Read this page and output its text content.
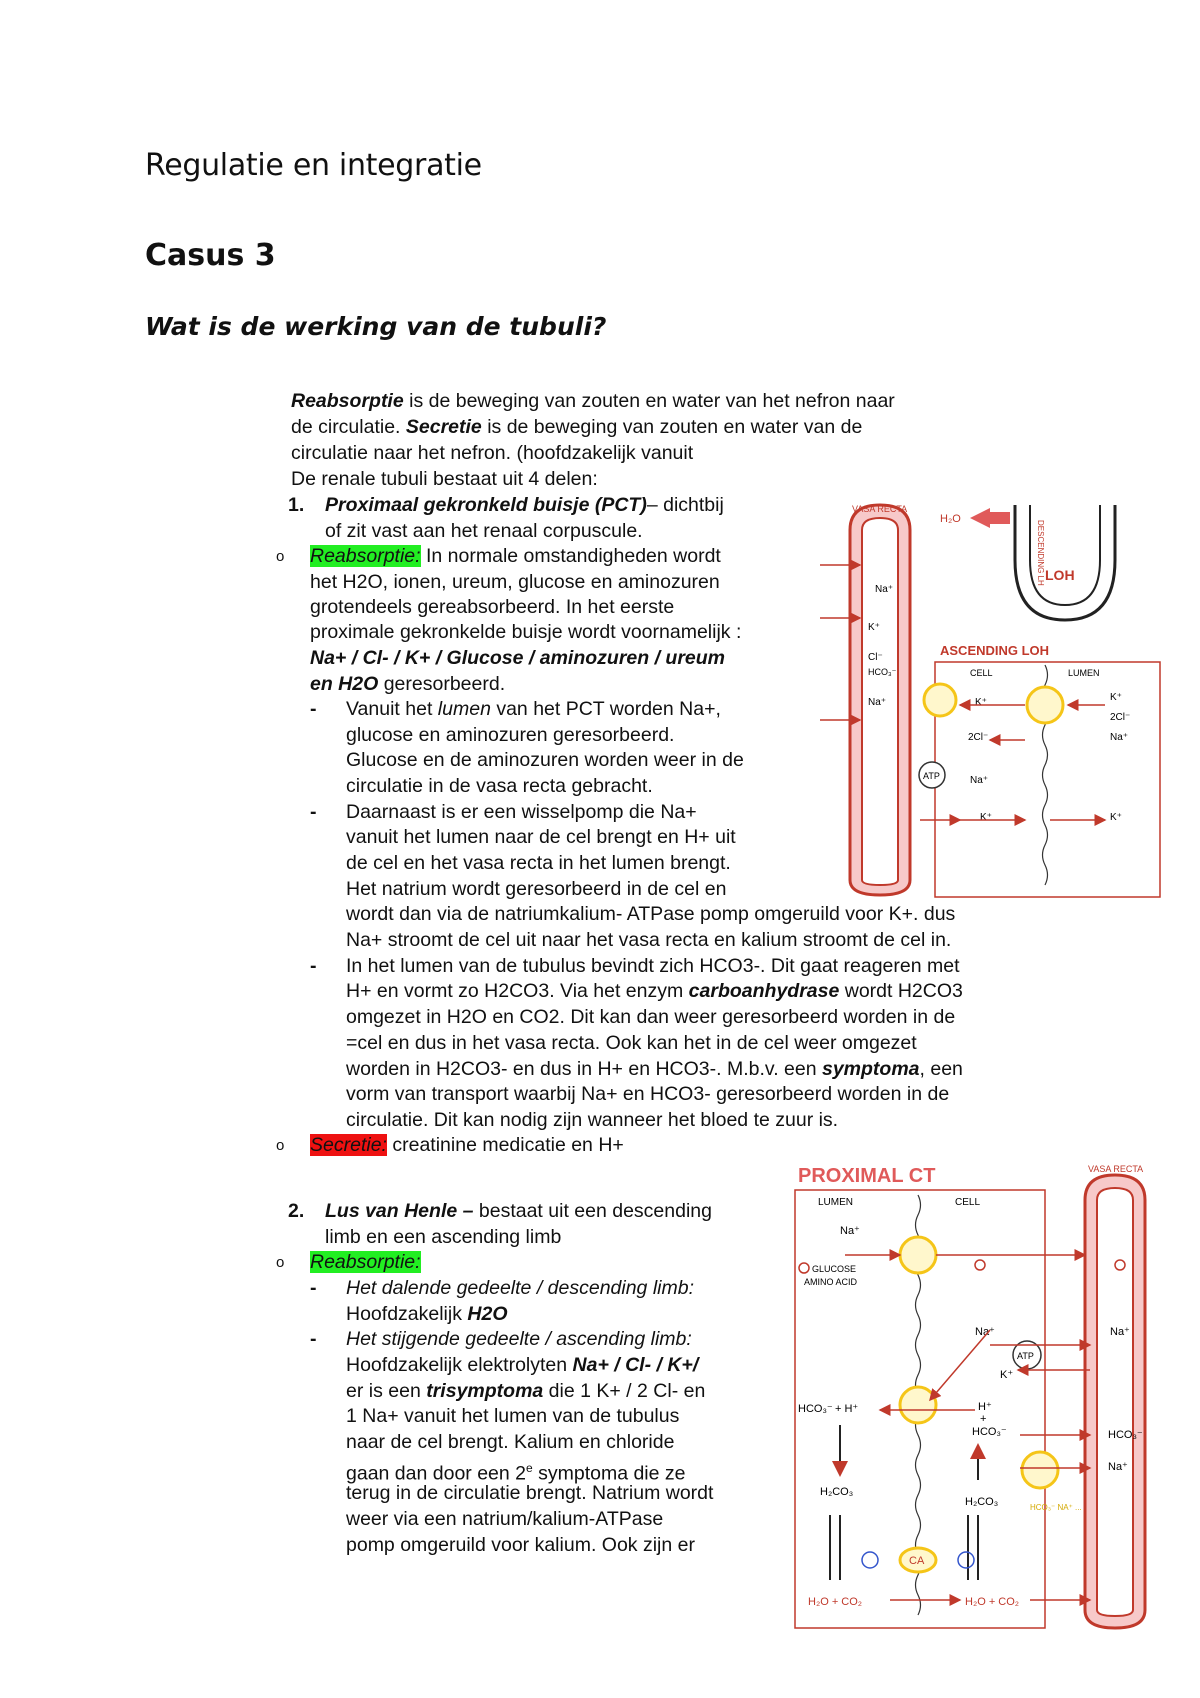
Regulatie en integratie
Casus 3
Wat is de werking van de tubuli?

Reabsorptie is de beweging van zouten en water van het nefron naar

de circulatie. Secretie is de beweging van zouten en water van de

circulatie naar het nefron. (hoofdzakelijk vanuit

De renale tubuli bestaat uit 4 delen:

1. Proximaal gekronkeld buisje (PCT)– dichtbij

of zit vast aan het renaal corpuscule.

o Reabsorptie: In normale omstandigheden wordt

het H2O, ionen, ureum, glucose en aminozuren

grotendeels gereabsorbeerd. In het eerste

proximale gekronkelde buisje wordt voornamelijk :

Na+ / Cl- / K+ / Glucose / aminozuren / ureum

en H2O geresorbeerd.

- Vanuit het lumen van het PCT worden Na+,

glucose en aminozuren geresorbeerd.

Glucose en de aminozuren worden weer in de

circulatie in de vasa recta gebracht.

- Daarnaast is er een wisselpomp die Na+

vanuit het lumen naar de cel brengt en H+ uit

de cel en het vasa recta in het lumen brengt.

Het natrium wordt geresorbeerd in de cel en

wordt dan via de natriumkalium- ATPase pomp omgeruild voor K+. dus

Na+ stroomt de cel uit naar het vasa recta en kalium stroomt de cel in.

- In het lumen van de tubulus bevindt zich HCO3-. Dit gaat reageren met

H+ en vormt zo H2CO3. Via het enzym carboanhydrase wordt H2CO3

omgezet in H2O en CO2. Dit kan dan weer geresorbeerd worden in de

=cel en dus in het vasa recta. Ook kan het in de cel weer omgezet

worden in H2CO3- en dus in H+ en HCO3-. M.b.v. een symptoma, een

vorm van transport waarbij Na+ en HCO3- geresorbeerd worden in de

circulatie. Dit kan nodig zijn wanneer het bloed te zuur is.

o Secretie: creatinine medicatie en H+

2. Lus van Henle – bestaat uit een descending

limb en een ascending limb

o Reabsorptie:

- Het dalende gedeelte / descending limb:

Hoofdzakelijk H2O

- Het stijgende gedeelte / ascending limb:

Hoofdzakelijk elektrolyten Na+ / Cl- / K+/

er is een trisymptoma die 1 K+ / 2 Cl- en

1 Na+ vanuit het lumen van de tubulus

naar de cel brengt. Kalium en chloride

gaan dan door een 2e symptoma die ze

terug in de circulatie brengt. Natrium wordt

weer via een natrium/kalium-ATPase

pomp omgeruild voor kalium. Ook zijn er

VASA RECTA
H₂O
DESCENDING LH LOH
ASCENDING LOH
CELL	LUMEN
ATP
Na⁺
K⁺
Cl⁻
HCO₃⁻
Na⁺	K⁺
2Cl⁻
Na⁺
K⁺
K⁺
2Cl⁻
Na⁺
K⁺
PROXIMAL CT
LUMEN	CELL
VASA RECTA
ATP
CA
Na⁺
GLUCOSE
AMINO ACID
Na⁺	Na⁺
K⁺
HCO₃⁻ + H⁺	H⁺
+
HCO₃⁻	HCO₃⁻
Na⁺
H₂CO₃
H₂CO₃	HCO₃⁻ NA⁺ ...
H₂O + CO₂	H₂O + CO₂
